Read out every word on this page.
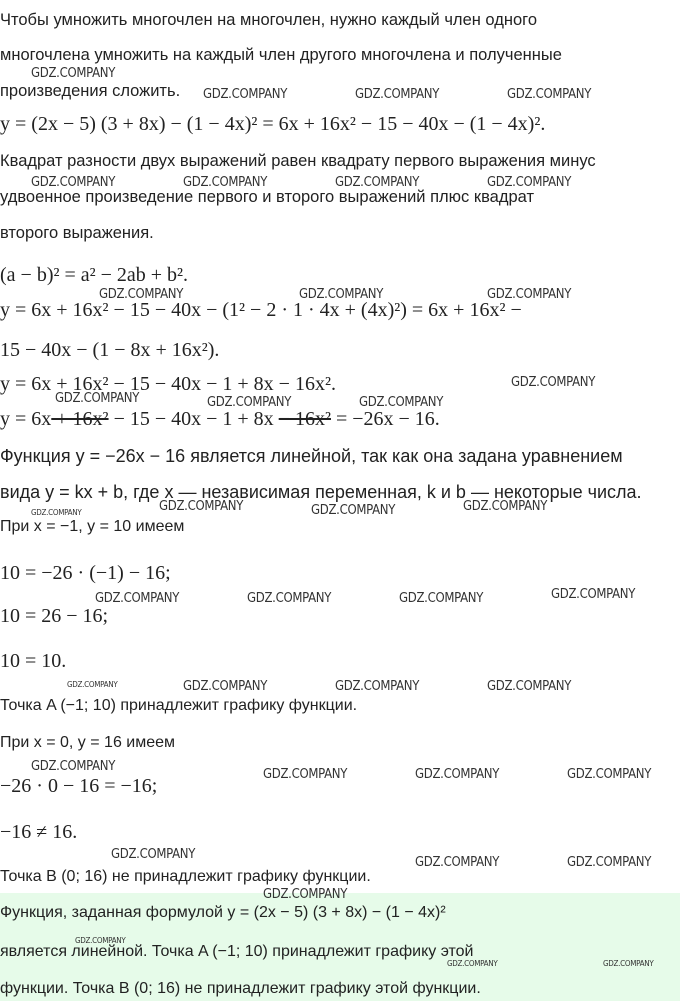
Чтобы умножить многочлен на многочлен, нужно каждый член одного
многочлена умножить на каждый член другого многочлена и полученные
произведения сложить.
y = (2x − 5) (3 + 8x) − (1 − 4x)² = 6x + 16x² − 15 − 40x − (1 − 4x)².
Квадрат разности двух выражений равен квадрату первого выражения минус
удвоенное произведение первого и второго выражений плюс квадрат
второго выражения.
(a − b)² = a² − 2ab + b².
y = 6x + 16x² − 15 − 40x − (1² − 2 · 1 · 4x + (4x)²) = 6x + 16x² −
15 − 40x − (1 − 8x + 16x²).
y = 6x + 16x² − 15 − 40x − 1 + 8x − 16x².
y = 6x + 16x² − 15 − 40x − 1 + 8x − 16x² = −26x − 16.
Функция y = −26x − 16 является линейной, так как она задана уравнением
вида y = kx + b, где x — независимая переменная, k и b — некоторые числа.
При x = −1, y = 10 имеем
10 = −26 · (−1) − 16;
10 = 26 − 16;
10 = 10.
Точка A (−1; 10) принадлежит графику функции.
При x = 0, y = 16 имеем
−26 · 0 − 16 = −16;
−16 ≠ 16.
Точка B (0; 16) не принадлежит графику функции.
Функция, заданная формулой y = (2x − 5) (3 + 8x) − (1 − 4x)²
является линейной. Точка A (−1; 10) принадлежит графику этой
функции. Точка B (0; 16) не принадлежит графику этой функции.
GDZ.COMPANY
GDZ.COMPANY	GDZ.COMPANY	GDZ.COMPANY
GDZ.COMPANY	GDZ.COMPANY	GDZ.COMPANY	GDZ.COMPANY
GDZ.COMPANY	GDZ.COMPANY	GDZ.COMPANY
GDZ.COMPANY
GDZ.COMPANY	GDZ.COMPANY	GDZ.COMPANY
GDZ.COMPANY	GDZ.COMPANY
GDZ.COMPANY
GDZ.COMPANY
GDZ.COMPANY
GDZ.COMPANY	GDZ.COMPANY	GDZ.COMPANY
GDZ.COMPANY	GDZ.COMPANY	GDZ.COMPANY	GDZ.COMPANY
GDZ.COMPANY
GDZ.COMPANY	GDZ.COMPANY	GDZ.COMPANY
GDZ.COMPANY
GDZ.COMPANY	GDZ.COMPANY
GDZ.COMPANY
GDZ.COMPANY
GDZ.COMPANY	GDZ.COMPANY
